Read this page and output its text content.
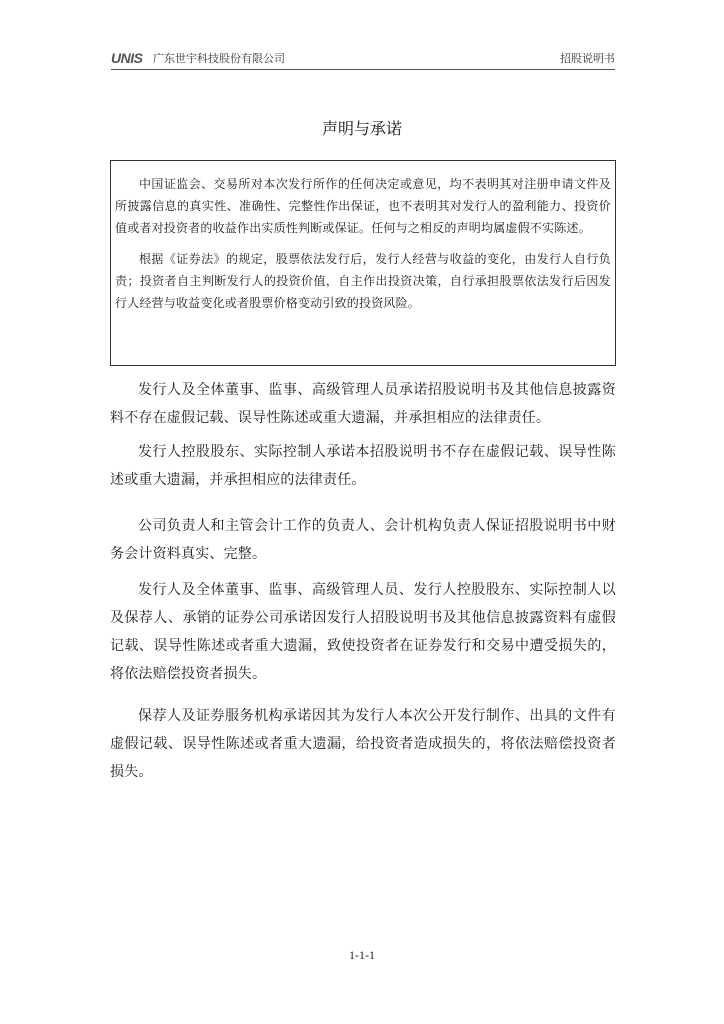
UNIS 广东世宇科技股份有限公司	招股说明书
声明与承诺

中国证监会、交易所对本次发行所作的任何决定或意见，均不表明其对注册申请文件及所披露信息的真实性、准确性、完整性作出保证，也不表明其对发行人的盈利能力、投资价值或者对投资者的收益作出实质性判断或保证。任何与之相反的声明均属虚假不实陈述。

根据《证券法》的规定，股票依法发行后，发行人经营与收益的变化，由发行人自行负责；投资者自主判断发行人的投资价值，自主作出投资决策，自行承担股票依法发行后因发行人经营与收益变化或者股票价格变动引致的投资风险。

发行人及全体董事、监事、高级管理人员承诺招股说明书及其他信息披露资料不存在虚假记载、误导性陈述或重大遗漏，并承担相应的法律责任。

发行人控股股东、实际控制人承诺本招股说明书不存在虚假记载、误导性陈述或重大遗漏，并承担相应的法律责任。

公司负责人和主管会计工作的负责人、会计机构负责人保证招股说明书中财务会计资料真实、完整。

发行人及全体董事、监事、高级管理人员、发行人控股股东、实际控制人以及保荐人、承销的证券公司承诺因发行人招股说明书及其他信息披露资料有虚假记载、误导性陈述或者重大遗漏，致使投资者在证券发行和交易中遭受损失的，将依法赔偿投资者损失。

保荐人及证券服务机构承诺因其为发行人本次公开发行制作、出具的文件有虚假记载、误导性陈述或者重大遗漏，给投资者造成损失的，将依法赔偿投资者损失。

1-1-1
